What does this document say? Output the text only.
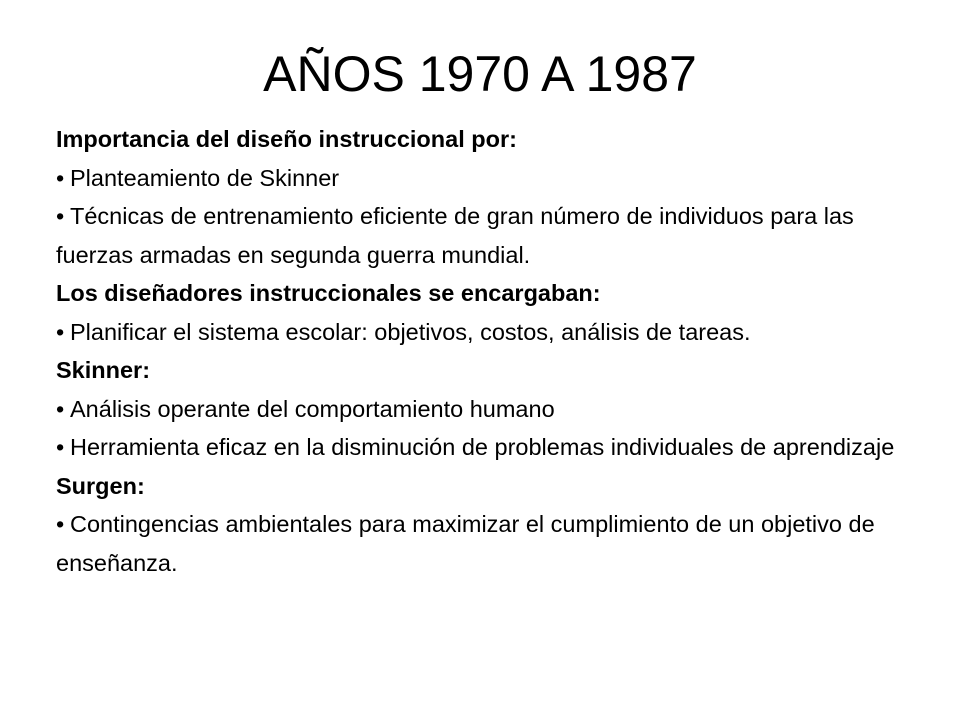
AÑOS 1970 A 1987

Importancia del diseño instruccional por:

• Planteamiento de Skinner

• Técnicas de entrenamiento eficiente de gran número de individuos para las fuerzas armadas en segunda guerra mundial.

Los diseñadores instruccionales se encargaban:

• Planificar el sistema escolar: objetivos, costos, análisis de tareas.

Skinner:

• Análisis operante del comportamiento humano

• Herramienta eficaz en la disminución de problemas individuales de aprendizaje

Surgen:

• Contingencias ambientales para maximizar el cumplimiento de un objetivo de enseñanza.
